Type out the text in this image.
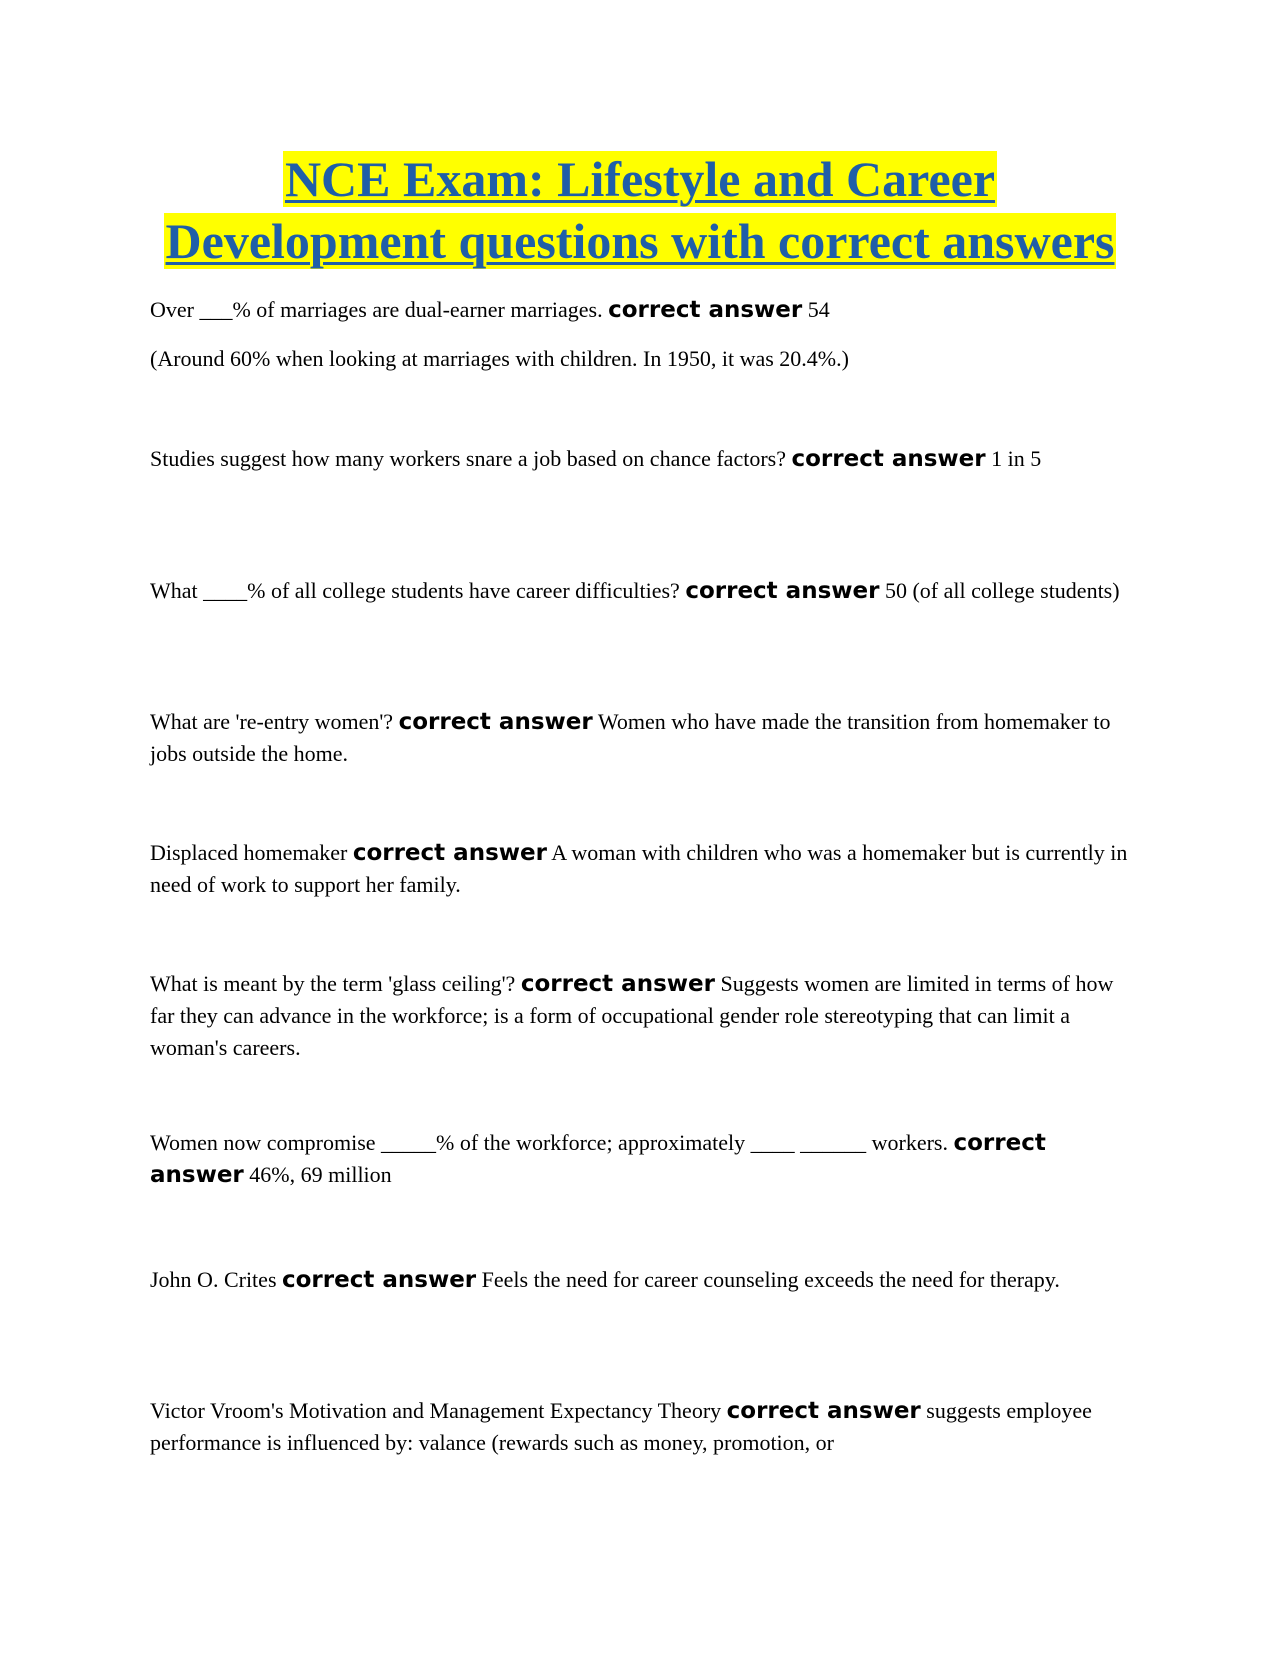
NCE Exam: Lifestyle and Career
Development questions with correct answers
Over ___% of marriages are dual-earner marriages. correct answer 54
(Around 60% when looking at marriages with children. In 1950, it was 20.4%.)
Studies suggest how many workers snare a job based on chance factors? correct answer 1 in 5
What ____% of all college students have career difficulties? correct answer 50 (of all college students)
What are 're-entry women'? correct answer Women who have made the transition from homemaker to jobs outside the home.
Displaced homemaker correct answer A woman with children who was a homemaker but is currently in need of work to support her family.
What is meant by the term 'glass ceiling'? correct answer Suggests women are limited in terms of how far they can advance in the workforce; is a form of occupational gender role stereotyping that can limit a woman's careers.
Women now compromise _____% of the workforce; approximately ____ ______ workers. correct answer 46%, 69 million
John O. Crites correct answer Feels the need for career counseling exceeds the need for therapy.
Victor Vroom's Motivation and Management Expectancy Theory correct answer suggests employee performance is influenced by: valance (rewards such as money, promotion, or
